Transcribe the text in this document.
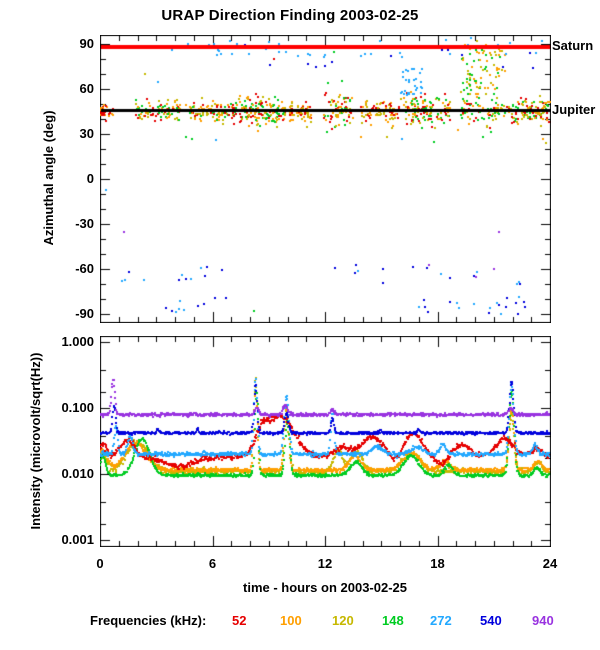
URAP Direction Finding 2003-02-25
Azimuthal angle (deg)
Intensity (microvolt/sqrt(Hz))
Saturn
Jupiter
time - hours on 2003-02-25
Frequencies (kHz): 52	100 120 148 272 540 940
90
60
30
0
-30
-60
-90
1.000
0.100
0.010
0.001
0	6	12	18	24
